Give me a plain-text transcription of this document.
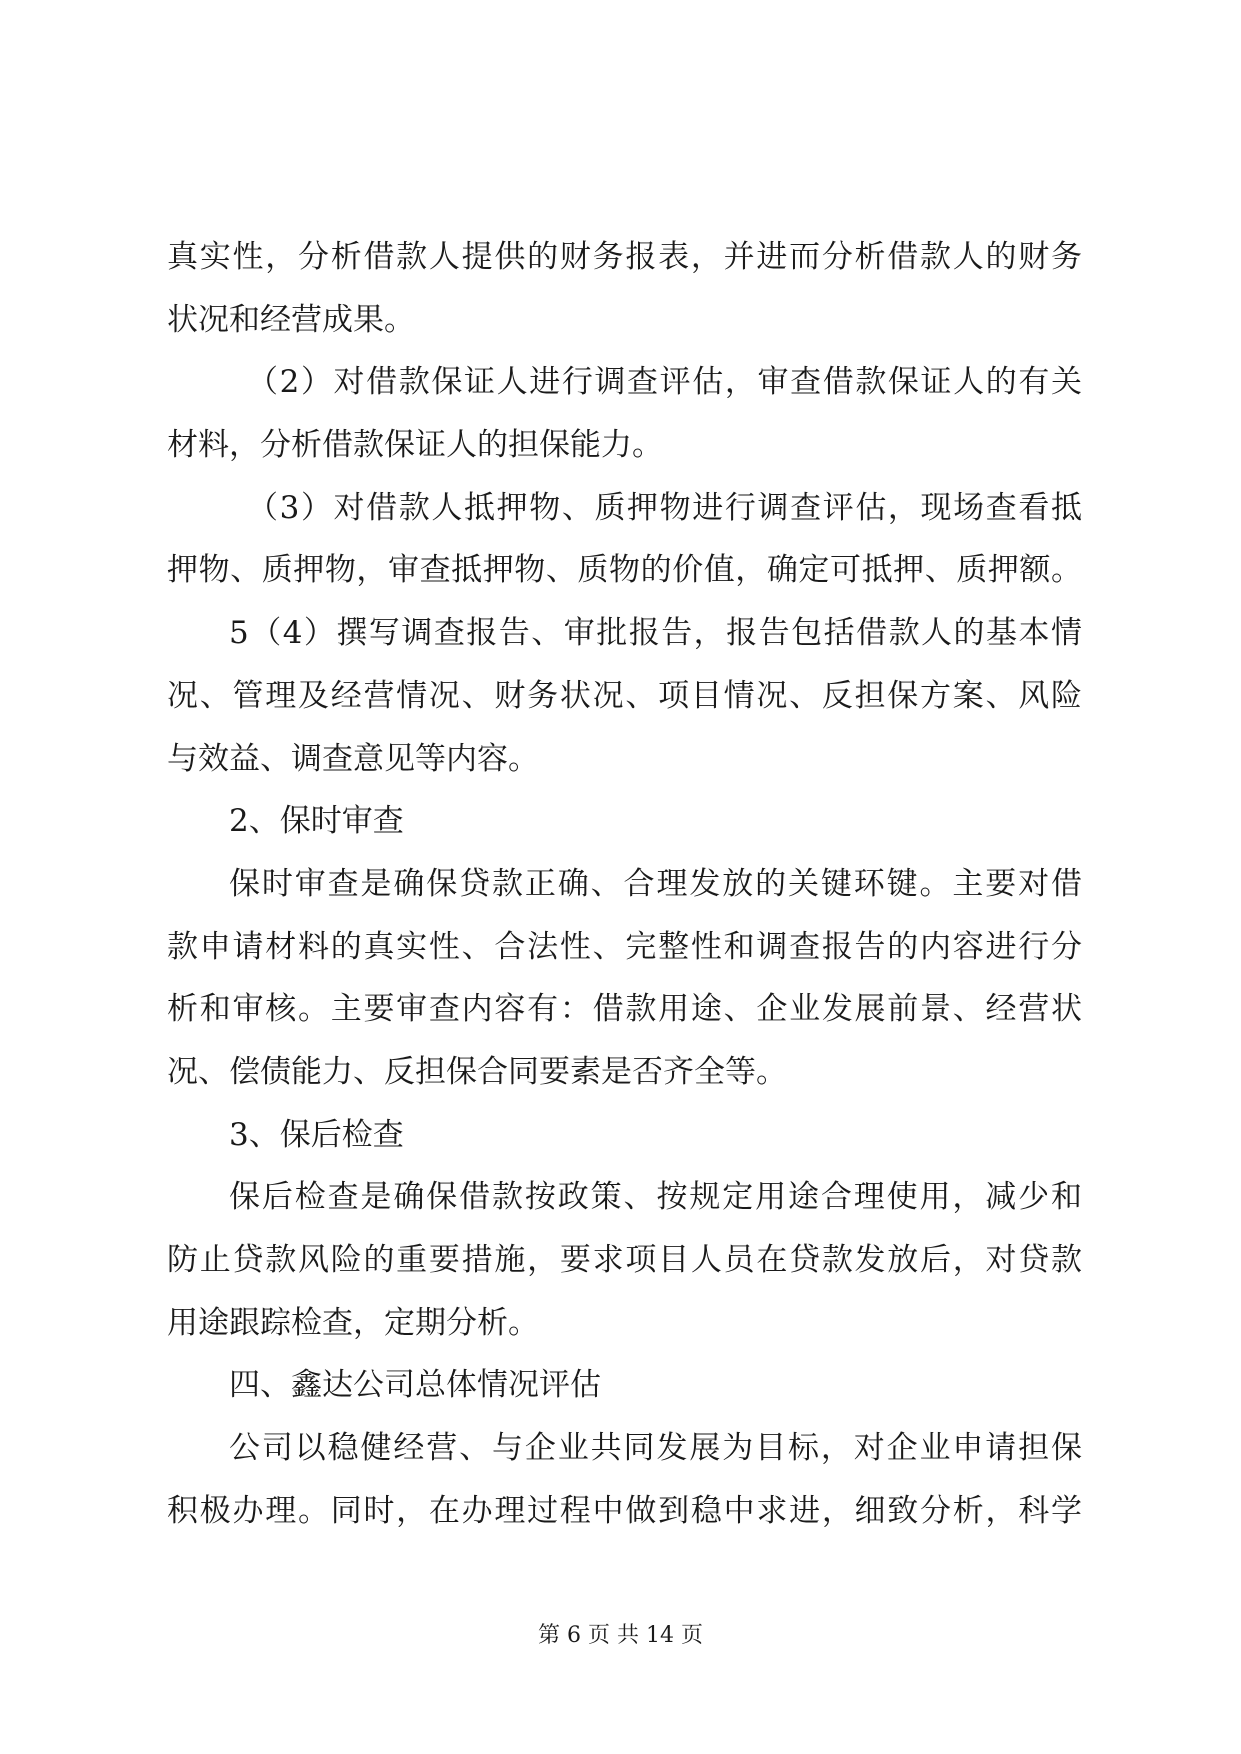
真实性，分析借款人提供的财务报表，并进而分析借款人的财务
状况和经营成果。
（2）对借款保证人进行调查评估，审查借款保证人的有关
材料，分析借款保证人的担保能力。
（3）对借款人抵押物、质押物进行调查评估，现场查看抵
押物、质押物，审查抵押物、质物的价值，确定可抵押、质押额。
5（4）撰写调查报告、审批报告，报告包括借款人的基本情
况、管理及经营情况、财务状况、项目情况、反担保方案、风险
与效益、调查意见等内容。
2、保时审查
保时审查是确保贷款正确、合理发放的关键环键。主要对借
款申请材料的真实性、合法性、完整性和调查报告的内容进行分
析和审核。主要审查内容有：借款用途、企业发展前景、经营状
况、偿债能力、反担保合同要素是否齐全等。
3、保后检查
保后检查是确保借款按政策、按规定用途合理使用，减少和
防止贷款风险的重要措施，要求项目人员在贷款发放后，对贷款
用途跟踪检查，定期分析。
四、鑫达公司总体情况评估
公司以稳健经营、与企业共同发展为目标，对企业申请担保
积极办理。同时，在办理过程中做到稳中求进，细致分析，科学
第 6 页 共 14 页
